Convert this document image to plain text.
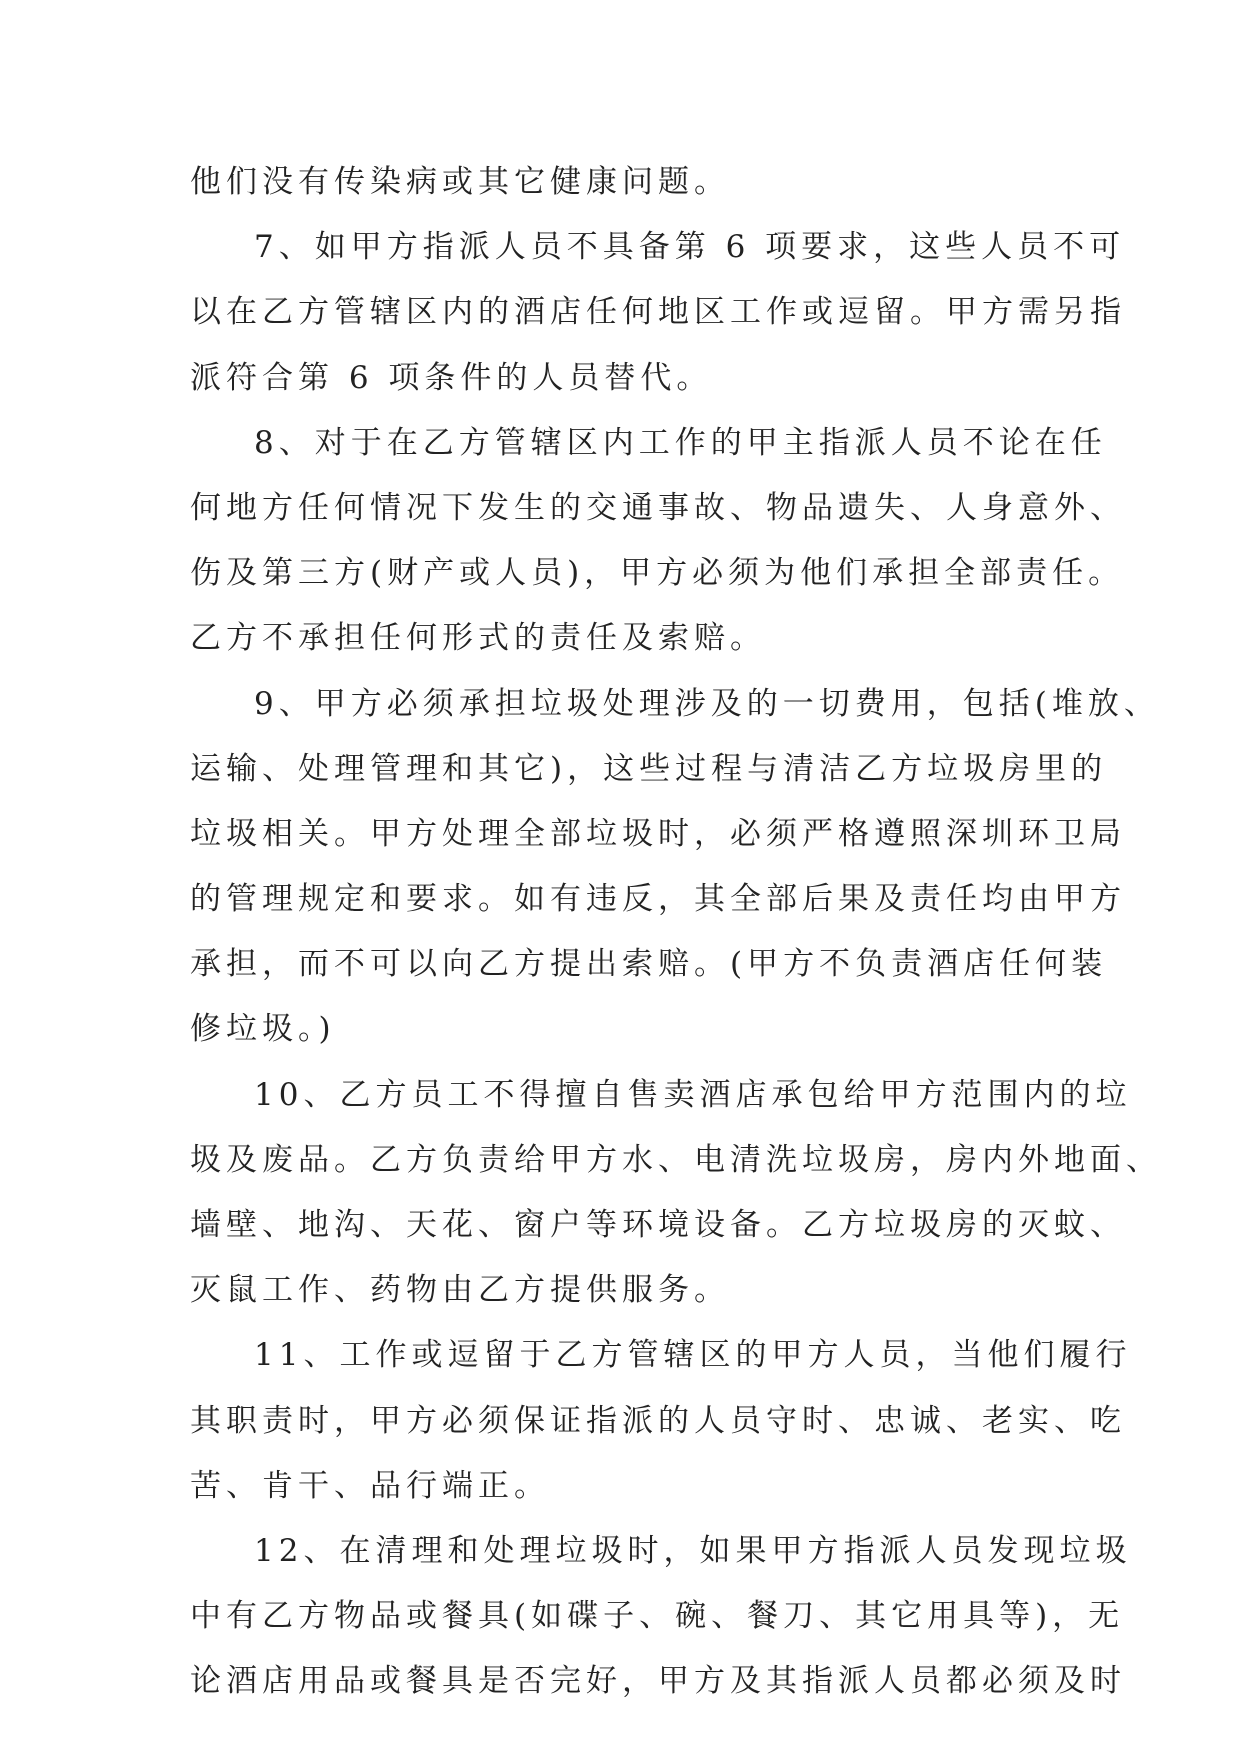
他们没有传染病或其它健康问题。
7、如甲方指派人员不具备第 6 项要求，这些人员不可
以在乙方管辖区内的酒店任何地区工作或逗留。甲方需另指
派符合第 6 项条件的人员替代。
8、对于在乙方管辖区内工作的甲主指派人员不论在任
何地方任何情况下发生的交通事故、物品遗失、人身意外、
伤及第三方(财产或人员)，甲方必须为他们承担全部责任。
乙方不承担任何形式的责任及索赔。
9、甲方必须承担垃圾处理涉及的一切费用，包括(堆放、
运输、处理管理和其它)，这些过程与清洁乙方垃圾房里的
垃圾相关。甲方处理全部垃圾时，必须严格遵照深圳环卫局
的管理规定和要求。如有违反，其全部后果及责任均由甲方
承担，而不可以向乙方提出索赔。(甲方不负责酒店任何装
修垃圾。)
10、乙方员工不得擅自售卖酒店承包给甲方范围内的垃
圾及废品。乙方负责给甲方水、电清洗垃圾房，房内外地面、
墙壁、地沟、天花、窗户等环境设备。乙方垃圾房的灭蚊、
灭鼠工作、药物由乙方提供服务。
11、工作或逗留于乙方管辖区的甲方人员，当他们履行
其职责时，甲方必须保证指派的人员守时、忠诚、老实、吃
苦、肯干、品行端正。
12、在清理和处理垃圾时，如果甲方指派人员发现垃圾
中有乙方物品或餐具(如碟子、碗、餐刀、其它用具等)，无
论酒店用品或餐具是否完好，甲方及其指派人员都必须及时
